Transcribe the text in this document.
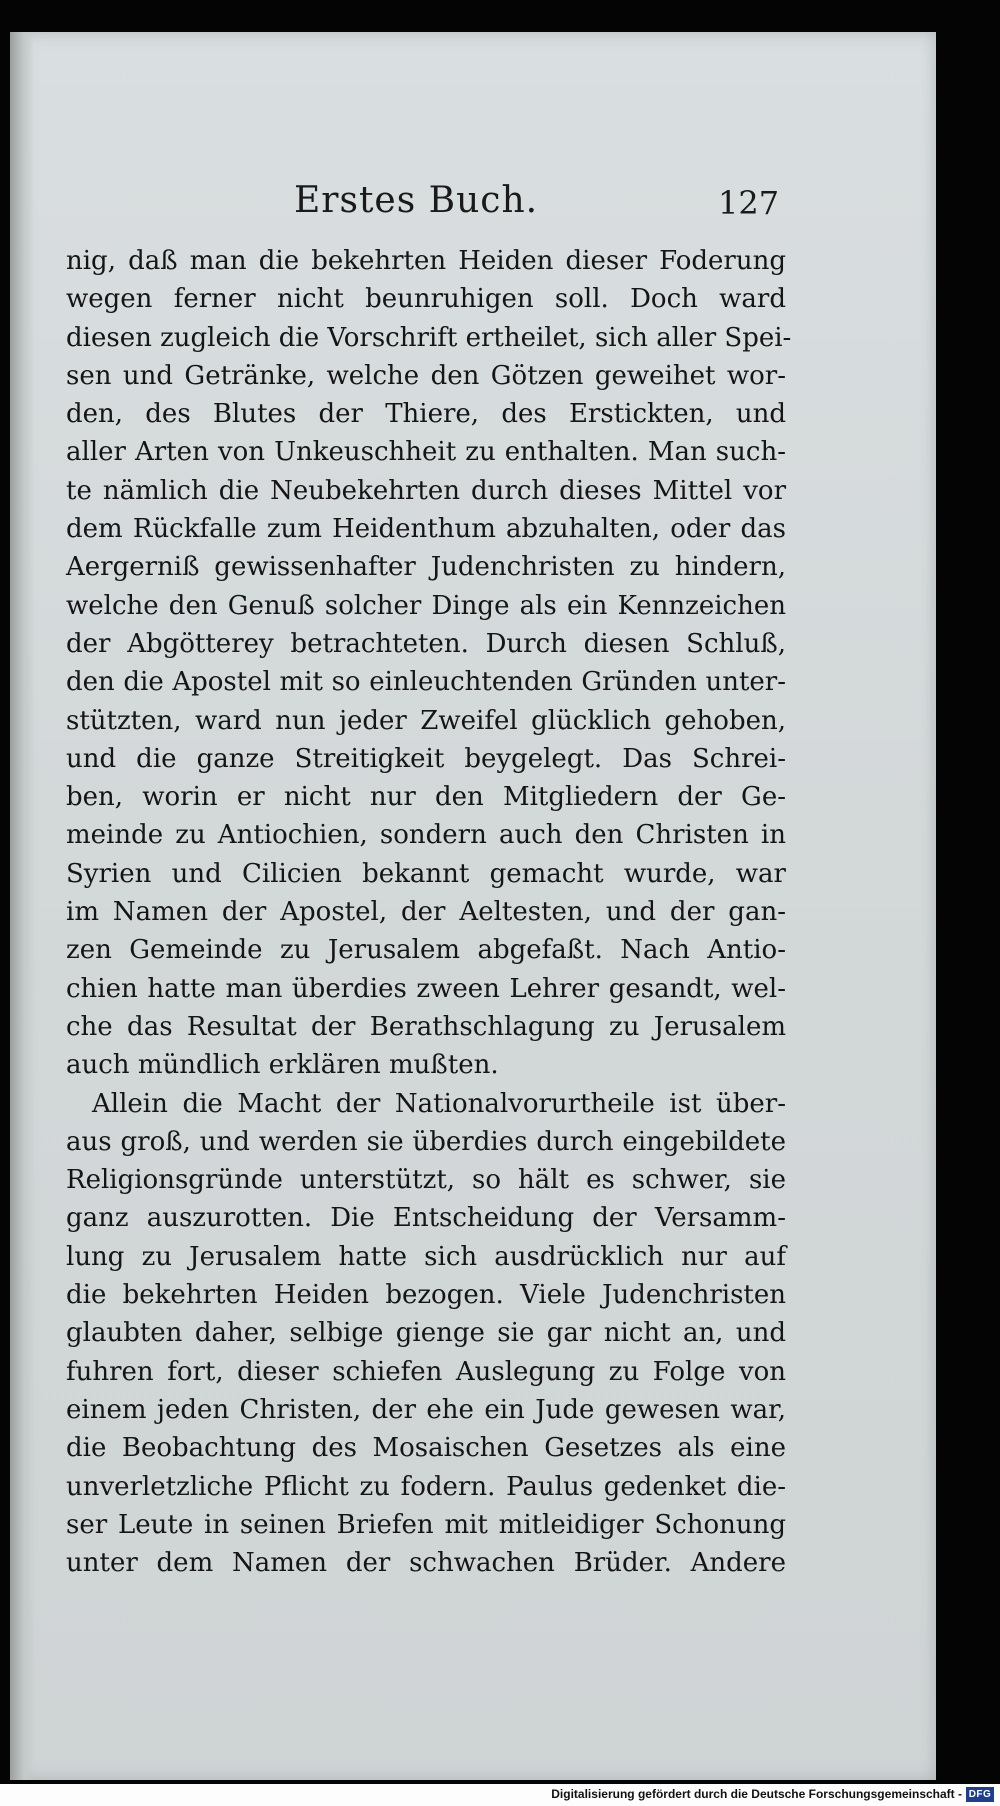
Erstes Buch.	127
nig, daß man die bekehrten Heiden dieser Foderung
wegen ferner nicht beunruhigen soll. Doch ward
diesen zugleich die Vorschrift ertheilet, sich aller Spei-
sen und Getränke, welche den Götzen geweihet wor-
den, des Blutes der Thiere, des Erstickten, und
aller Arten von Unkeuschheit zu enthalten. Man such-
te nämlich die Neubekehrten durch dieses Mittel vor
dem Rückfalle zum Heidenthum abzuhalten, oder das
Aergerniß gewissenhafter Judenchristen zu hindern,
welche den Genuß solcher Dinge als ein Kennzeichen
der Abgötterey betrachteten. Durch diesen Schluß,
den die Apostel mit so einleuchtenden Gründen unter-
stützten, ward nun jeder Zweifel glücklich gehoben,
und die ganze Streitigkeit beygelegt. Das Schrei-
ben, worin er nicht nur den Mitgliedern der Ge-
meinde zu Antiochien, sondern auch den Christen in
Syrien und Cilicien bekannt gemacht wurde, war
im Namen der Apostel, der Aeltesten, und der gan-
zen Gemeinde zu Jerusalem abgefaßt. Nach Antio-
chien hatte man überdies zween Lehrer gesandt, wel-
che das Resultat der Berathschlagung zu Jerusalem
auch mündlich erklären mußten.
Allein die Macht der Nationalvorurtheile ist über-
aus groß, und werden sie überdies durch eingebildete
Religionsgründe unterstützt, so hält es schwer, sie
ganz auszurotten. Die Entscheidung der Versamm-
lung zu Jerusalem hatte sich ausdrücklich nur auf
die bekehrten Heiden bezogen. Viele Judenchristen
glaubten daher, selbige gienge sie gar nicht an, und
fuhren fort, dieser schiefen Auslegung zu Folge von
einem jeden Christen, der ehe ein Jude gewesen war,
die Beobachtung des Mosaischen Gesetzes als eine
unverletzliche Pflicht zu fodern. Paulus gedenket die-
ser Leute in seinen Briefen mit mitleidiger Schonung
unter dem Namen der schwachen Brüder. Andere
Digitalisierung gefördert durch die Deutsche Forschungsgemeinschaft - DFG
